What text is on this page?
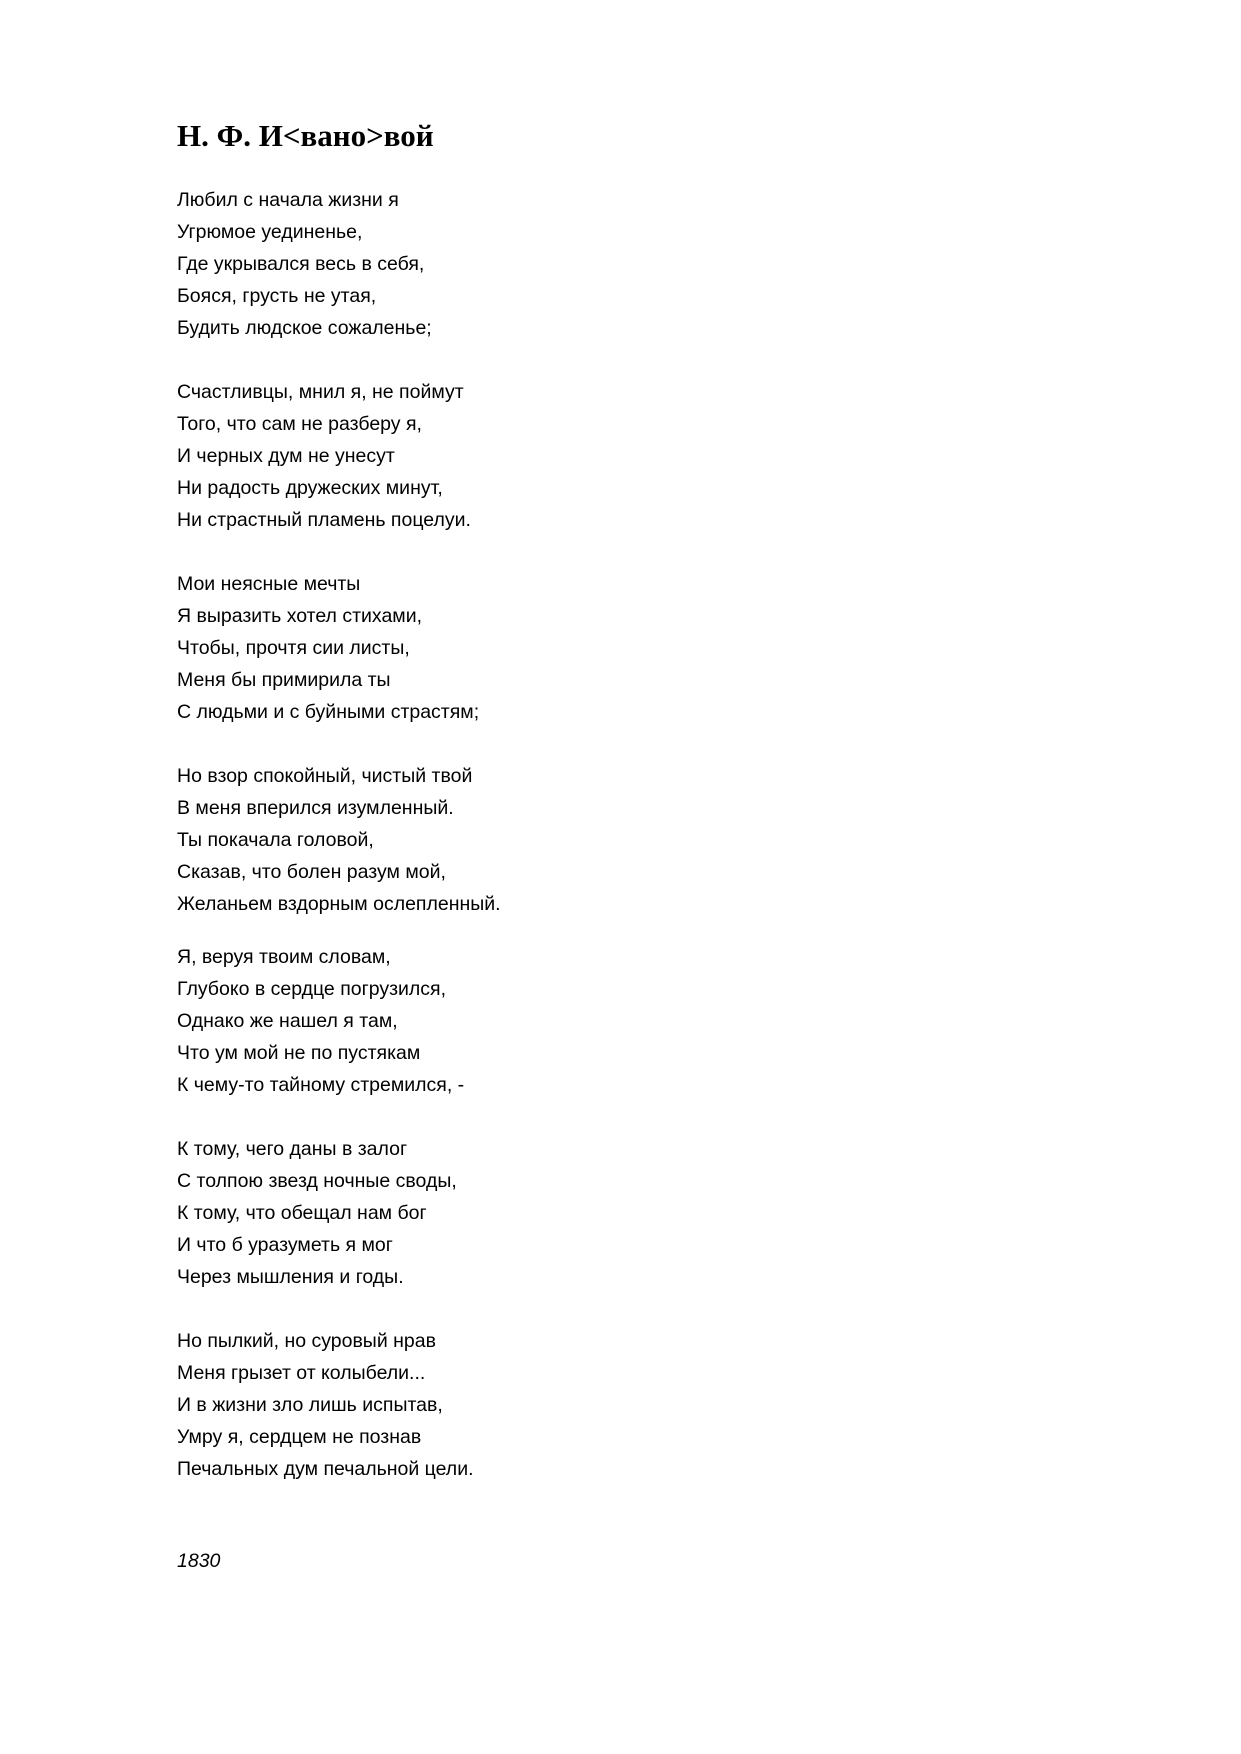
Н. Ф. И<вано>вой
Любил с начала жизни я
Угрюмое уединенье,
Где укрывался весь в себя,
Бояся, грусть не утая,
Будить людское сожаленье;
Счастливцы, мнил я, не поймут
Того, что сам не разберу я,
И черных дум не унесут
Ни радость дружеских минут,
Ни страстный пламень поцелуи.
Мои неясные мечты
Я выразить хотел стихами,
Чтобы, прочтя сии листы,
Меня бы примирила ты
С людьми и с буйными страстям;
Но взор спокойный, чистый твой
В меня вперился изумленный.
Ты покачала головой,
Сказав, что болен разум мой,
Желаньем вздорным ослепленный.
Я, веруя твоим словам,
Глубоко в сердце погрузился,
Однако же нашел я там,
Что ум мой не по пустякам
К чему-то тайному стремился, -
К тому, чего даны в залог
С толпою звезд ночные своды,
К тому, что обещал нам бог
И что б уразуметь я мог
Через мышления и годы.
Но пылкий, но суровый нрав
Меня грызет от колыбели...
И в жизни зло лишь испытав,
Умру я, сердцем не познав
Печальных дум печальной цели.

1830
